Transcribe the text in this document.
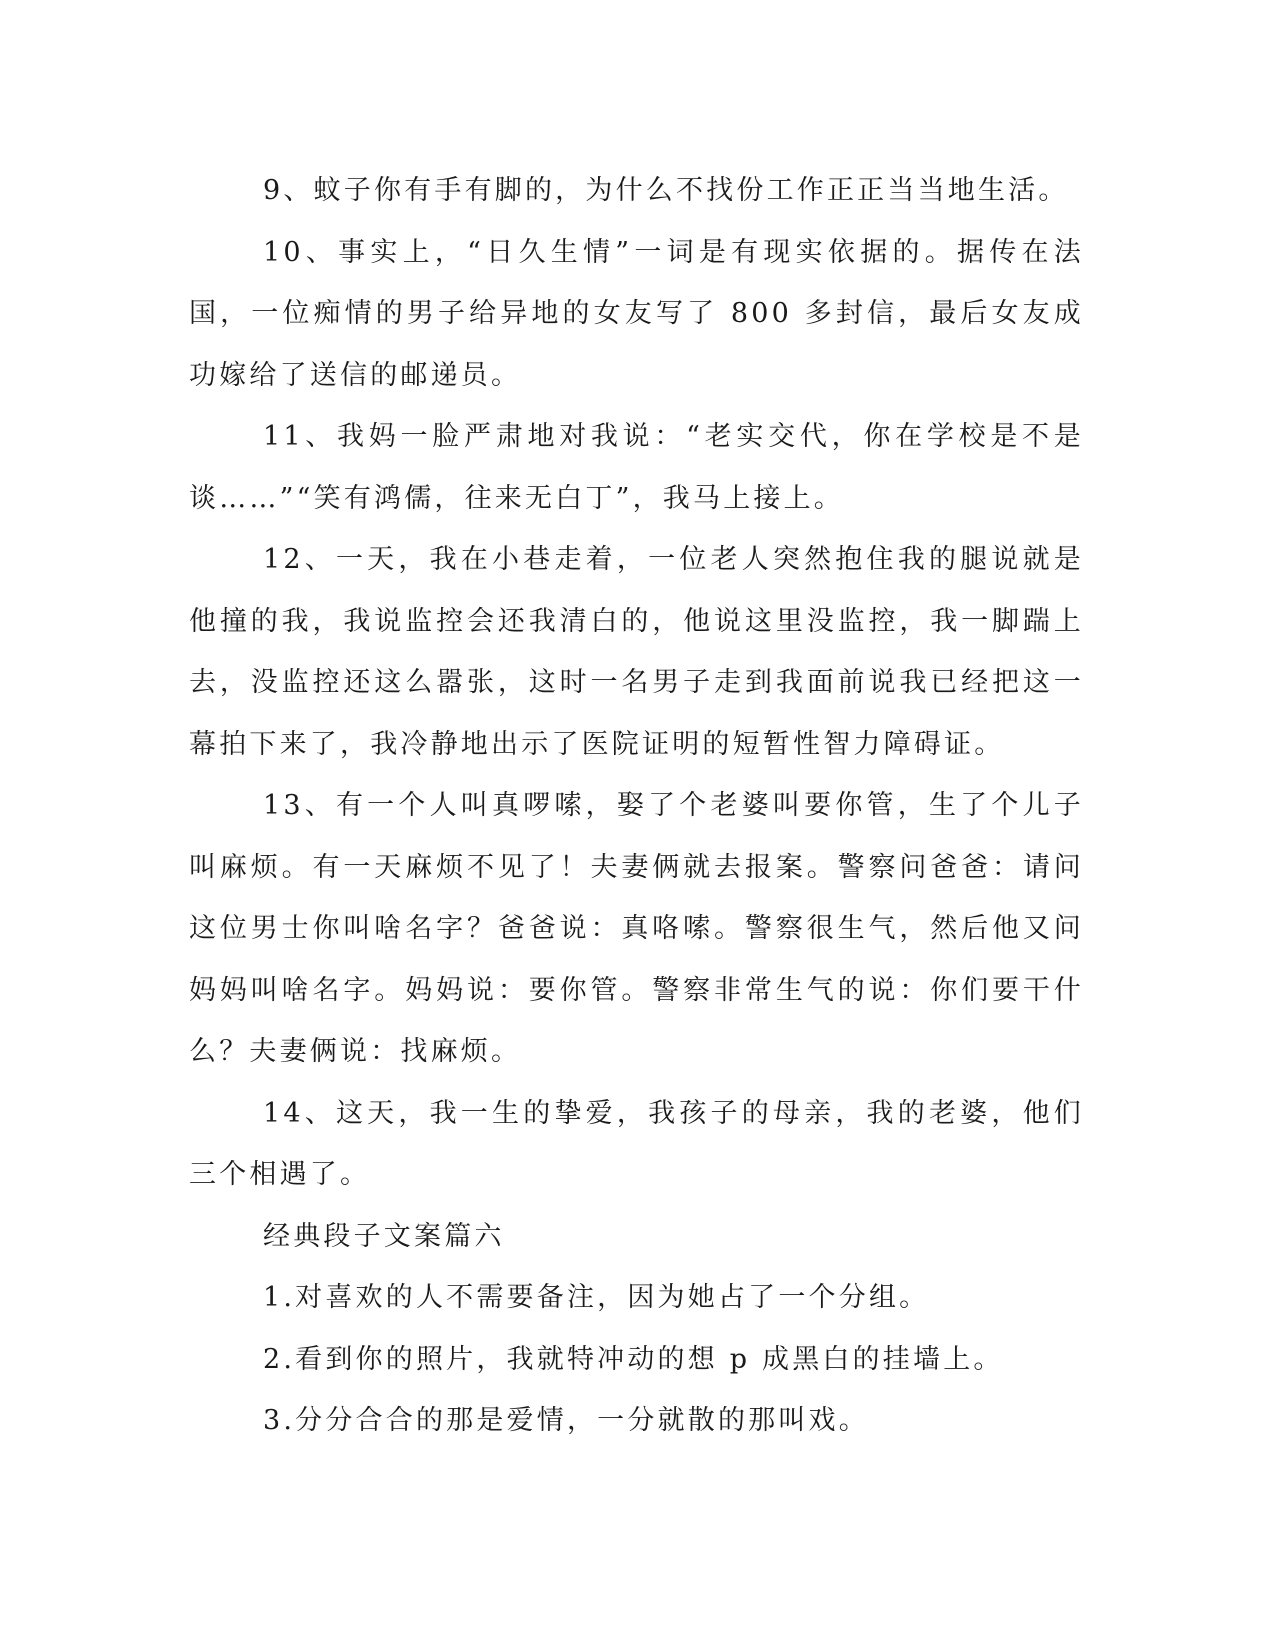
9、蚊子你有手有脚的，为什么不找份工作正正当当地生活。

10、事实上，“日久生情”一词是有现实依据的。据传在法国，一位痴情的男子给异地的女友写了 800 多封信，最后女友成功嫁给了送信的邮递员。

11、我妈一脸严肃地对我说：“老实交代，你在学校是不是谈……”“笑有鸿儒，往来无白丁”，我马上接上。

12、一天，我在小巷走着，一位老人突然抱住我的腿说就是他撞的我，我说监控会还我清白的，他说这里没监控，我一脚踹上去，没监控还这么嚣张，这时一名男子走到我面前说我已经把这一幕拍下来了，我冷静地出示了医院证明的短暂性智力障碍证。

13、有一个人叫真啰嗦，娶了个老婆叫要你管，生了个儿子叫麻烦。有一天麻烦不见了！夫妻俩就去报案。警察问爸爸：请问这位男士你叫啥名字？爸爸说：真咯嗦。警察很生气，然后他又问妈妈叫啥名字。妈妈说：要你管。警察非常生气的说：你们要干什么？夫妻俩说：找麻烦。

14、这天，我一生的挚爱，我孩子的母亲，我的老婆，他们三个相遇了。

经典段子文案篇六

1.对喜欢的人不需要备注，因为她占了一个分组。

2.看到你的照片，我就特冲动的想 p 成黑白的挂墙上。

3.分分合合的那是爱情，一分就散的那叫戏。
